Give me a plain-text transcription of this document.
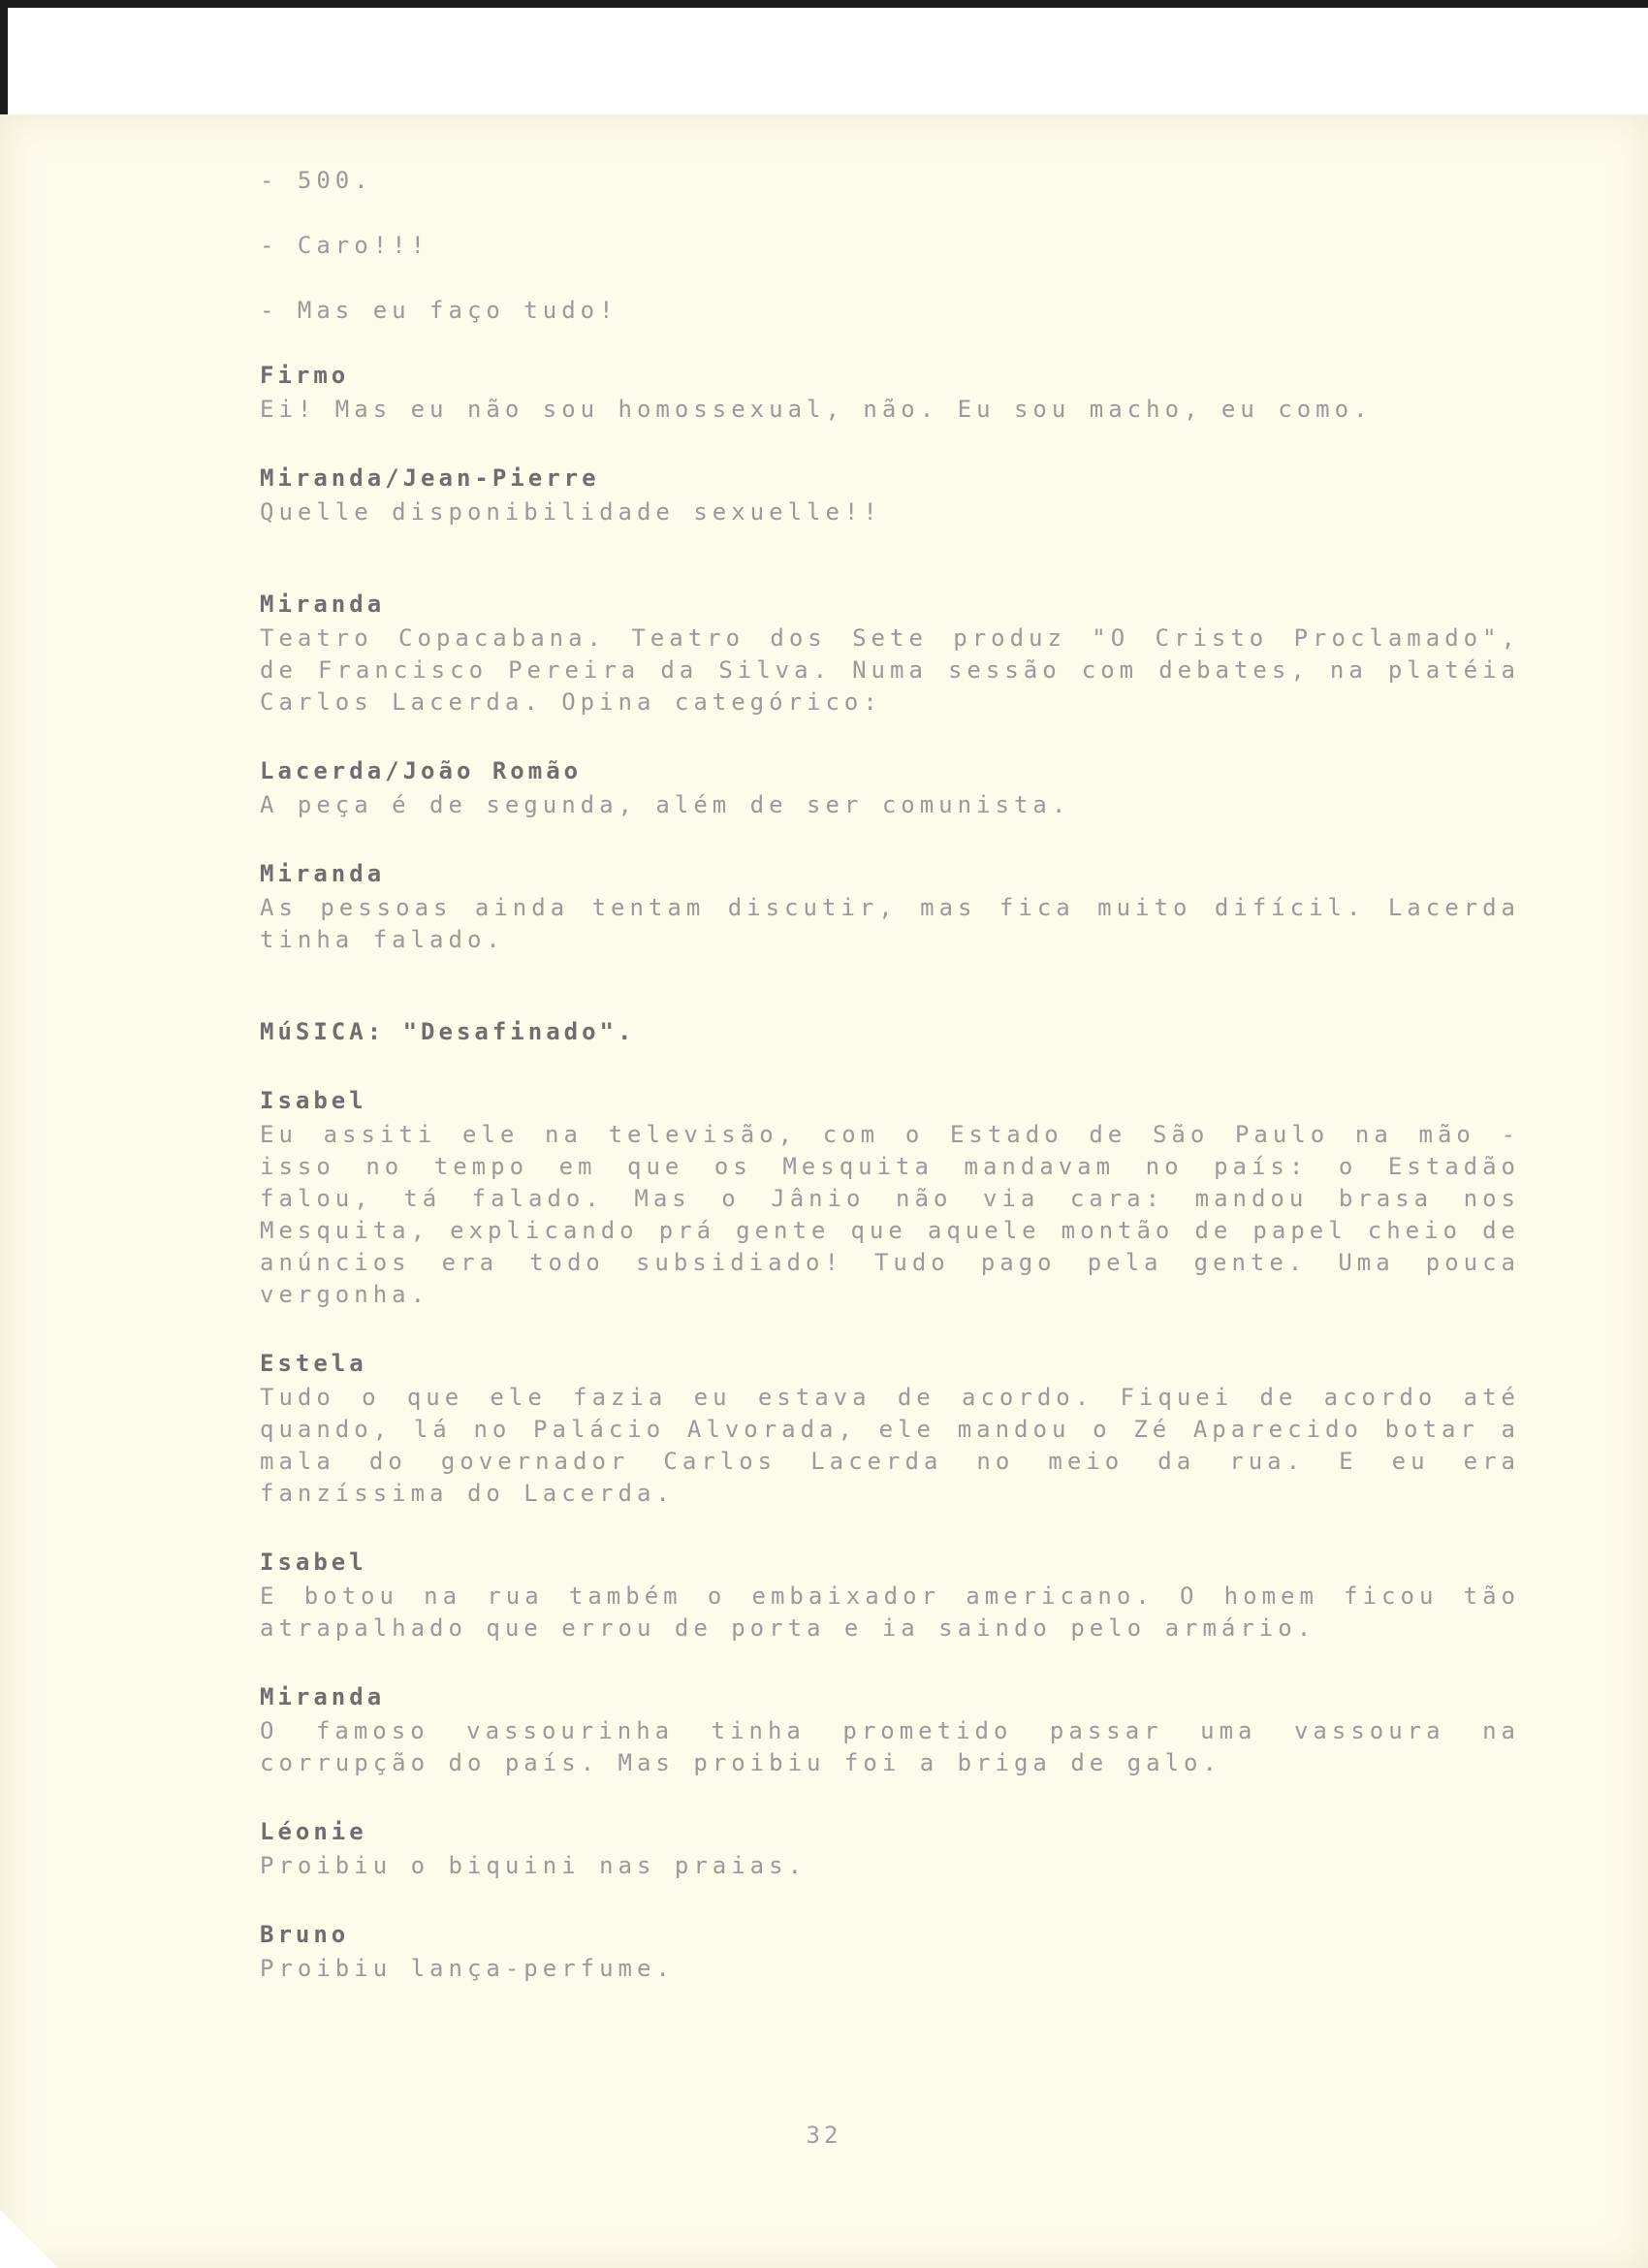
- 500.
- Caro!!!
- Mas eu faço tudo!
Firmo
Ei! Mas eu não sou homossexual, não. Eu sou macho, eu como.
Miranda/Jean-Pierre
Quelle disponibilidade sexuelle!!
Miranda
Teatro Copacabana. Teatro dos Sete produz "O Cristo Proclamado", de Francisco Pereira da Silva. Numa sessão com debates, na platéia Carlos Lacerda. Opina categórico:
Lacerda/João Romão
A peça é de segunda, além de ser comunista.
Miranda
As pessoas ainda tentam discutir, mas fica muito difícil. Lacerda tinha falado.
MúSICA: "Desafinado".
Isabel
Eu assiti ele na televisão, com o Estado de São Paulo na mão - isso no tempo em que os Mesquita mandavam no país: o Estadão falou, tá falado. Mas o Jânio não via cara: mandou brasa nos Mesquita, explicando prá gente que aquele montão de papel cheio de anúncios era todo subsidiado! Tudo pago pela gente. Uma pouca vergonha.
Estela
Tudo o que ele fazia eu estava de acordo. Fiquei de acordo até quando, lá no Palácio Alvorada, ele mandou o Zé Aparecido botar a mala do governador Carlos Lacerda no meio da rua. E eu era fanzíssima do Lacerda.
Isabel
E botou na rua também o embaixador americano. O homem ficou tão atrapalhado que errou de porta e ia saindo pelo armário.
Miranda
O famoso vassourinha tinha prometido passar uma vassoura na corrupção do país. Mas proibiu foi a briga de galo.
Léonie
Proibiu o biquini nas praias.
Bruno
Proibiu lança-perfume.
32
